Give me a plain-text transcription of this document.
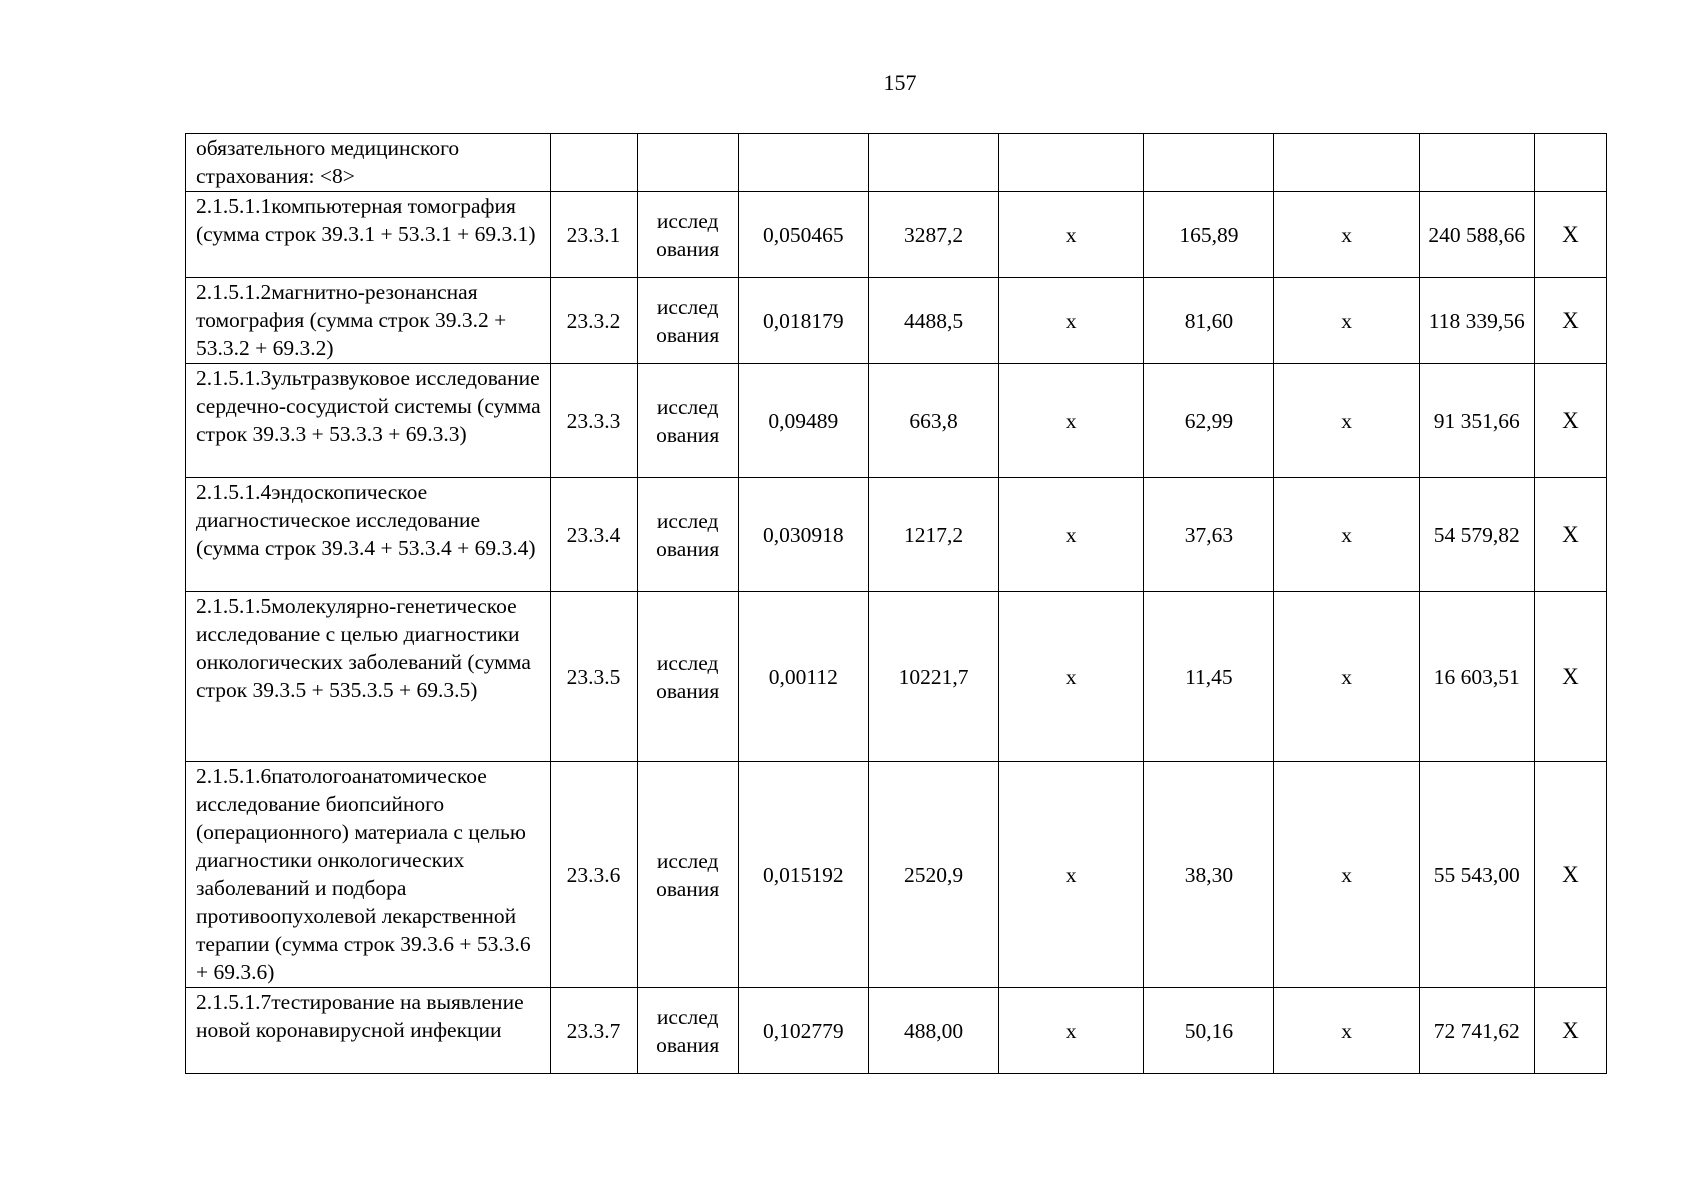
157
обязательного медицинского страхования: <8>									
2.1.5.1.1компьютерная томография (сумма строк 39.3.1 + 53.3.1 + 69.3.1)	23.3.1	исслед ования	0,050465	3287,2	х	165,89	х	240 588,66	X
2.1.5.1.2магнитно-резонансная томография (сумма строк 39.3.2 + 53.3.2 + 69.3.2)	23.3.2	исслед ования	0,018179	4488,5	х	81,60	х	118 339,56	X
2.1.5.1.3ультразвуковое исследование сердечно-сосудистой системы (сумма строк 39.3.3 + 53.3.3 + 69.3.3)	23.3.3	исслед ования	0,09489	663,8	х	62,99	х	91 351,66	X
2.1.5.1.4эндоскопическое диагностическое исследование (сумма строк 39.3.4 + 53.3.4 + 69.3.4)	23.3.4	исслед ования	0,030918	1217,2	х	37,63	х	54 579,82	X
2.1.5.1.5молекулярно-генетическое исследование с целью диагностики онкологических заболеваний (сумма строк 39.3.5 + 535.3.5 + 69.3.5)	23.3.5	исслед ования	0,00112	10221,7	х	11,45	х	16 603,51	X
2.1.5.1.6патологоанатомическое исследование биопсийного (операционного) материала с целью диагностики онкологических заболеваний и подбора противоопухолевой лекарственной терапии (сумма строк 39.3.6 + 53.3.6 + 69.3.6)	23.3.6	исслед ования	0,015192	2520,9	х	38,30	х	55 543,00	X
2.1.5.1.7тестирование на выявление новой коронавирусной инфекции	23.3.7	исслед ования	0,102779	488,00	х	50,16	х	72 741,62	X
